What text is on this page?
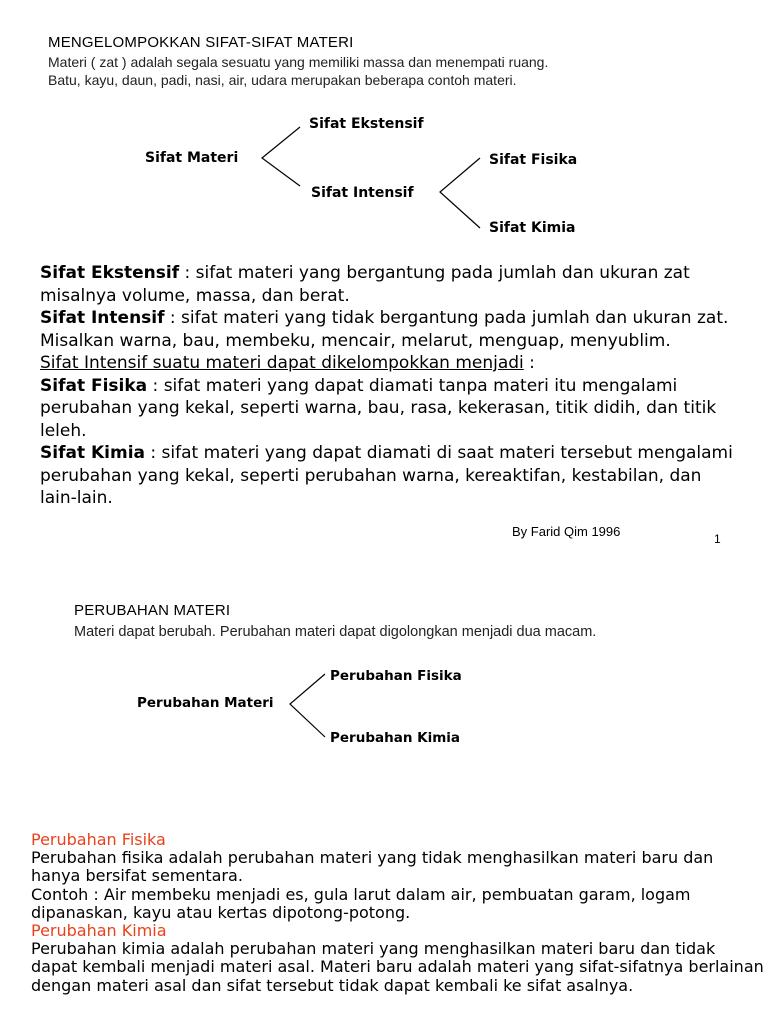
MENGELOMPOKKAN SIFAT-SIFAT MATERI
Materi ( zat ) adalah segala sesuatu yang memiliki massa dan menempati ruang.
Batu, kayu, daun, padi, nasi, air, udara merupakan beberapa contoh materi.
Sifat Materi
Sifat Ekstensif
Sifat Intensif
Sifat Fisika
Sifat Kimia

Sifat Ekstensif : sifat materi yang bergantung pada jumlah dan ukuran zat misalnya volume, massa, dan berat.

Sifat Intensif : sifat materi yang tidak bergantung pada jumlah dan ukuran zat. Misalkan warna, bau, membeku, mencair, melarut, menguap, menyublim.

Sifat Intensif suatu materi dapat dikelompokkan menjadi :

Sifat Fisika : sifat materi yang dapat diamati tanpa materi itu mengalami perubahan yang kekal, seperti warna, bau, rasa, kekerasan, titik didih, dan titik leleh.

Sifat Kimia : sifat materi yang dapat diamati di saat materi tersebut mengalami perubahan yang kekal, seperti perubahan warna, kereaktifan, kestabilan, dan lain-lain.

By Farid Qim 1996	1
PERUBAHAN MATERI
Materi dapat berubah. Perubahan materi dapat digolongkan menjadi dua macam.
Perubahan Materi
Perubahan Fisika
Perubahan Kimia

Perubahan Fisika

Perubahan fisika adalah perubahan materi yang tidak menghasilkan materi baru dan hanya bersifat sementara.

Contoh : Air membeku menjadi es, gula larut dalam air, pembuatan garam, logam dipanaskan, kayu atau kertas dipotong-potong.

Perubahan Kimia

Perubahan kimia adalah perubahan materi yang menghasilkan materi baru dan tidak dapat kembali menjadi materi asal. Materi baru adalah materi yang sifat-sifatnya berlainan dengan materi asal dan sifat tersebut tidak dapat kembali ke sifat asalnya.
